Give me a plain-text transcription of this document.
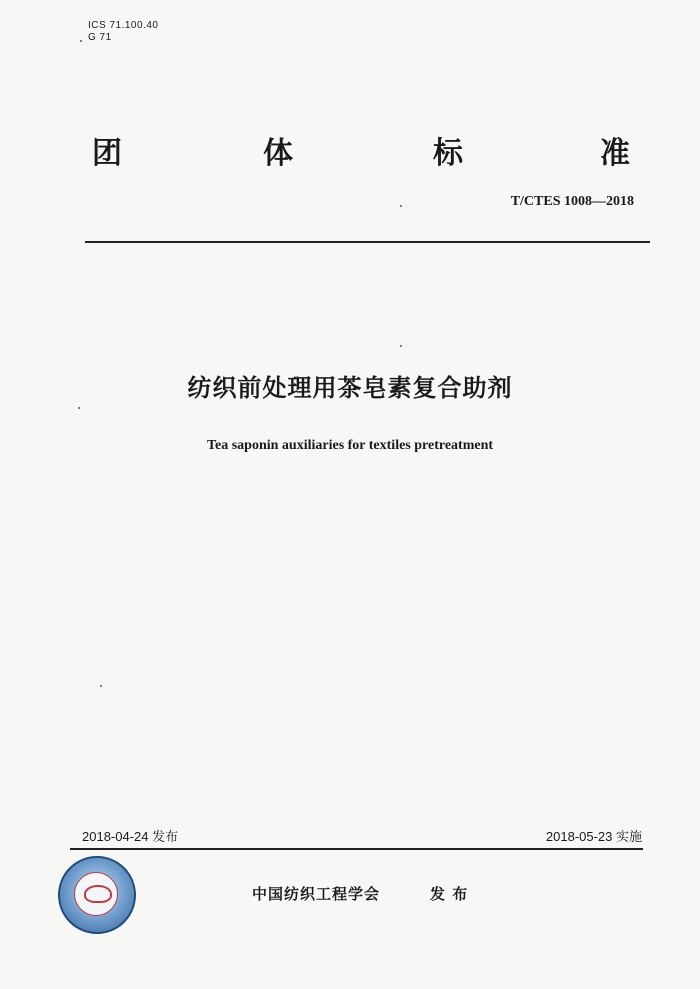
ICS 71.100.40
G 71
团	体	标	准
T/CTES 1008—2018
纺织前处理用茶皂素复合助剂
Tea saponin auxiliaries for textiles pretreatment
2018-04-24 发布	2018-05-23 实施
中国纺织工程学会	发 布
